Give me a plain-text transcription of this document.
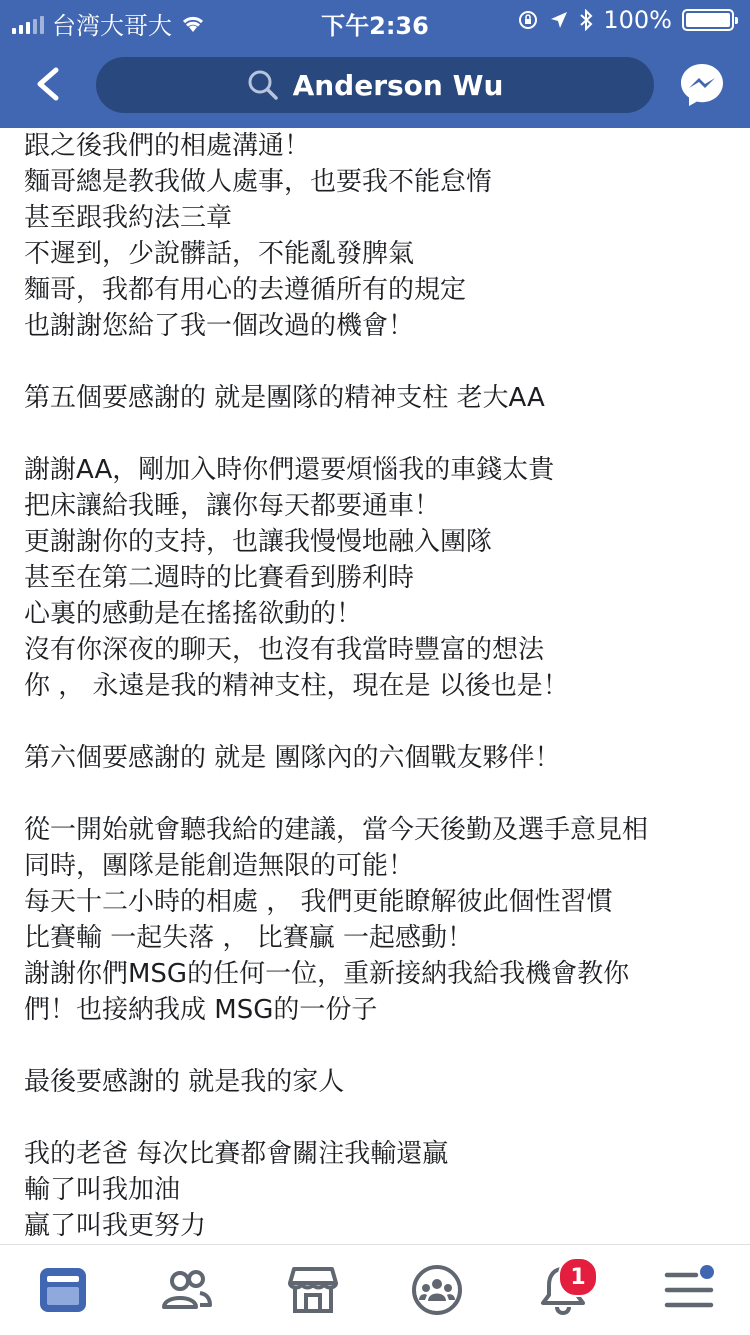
台湾大哥大	下午2:36	100%
Anderson Wu
跟之後我們的相處溝通！
麵哥總是教我做人處事，也要我不能怠惰
甚至跟我約法三章
不遲到，少說髒話，不能亂發脾氣
麵哥，我都有用心的去遵循所有的規定
也謝謝您給了我一個改過的機會！
第五個要感謝的 就是團隊的精神支柱 老大AA
謝謝AA，剛加入時你們還要煩惱我的車錢太貴
把床讓給我睡，讓你每天都要通車！
更謝謝你的支持，也讓我慢慢地融入團隊
甚至在第二週時的比賽看到勝利時
心裏的感動是在搖搖欲動的！
沒有你深夜的聊天，也沒有我當時豐富的想法
你 ， 永遠是我的精神支柱，現在是 以後也是！
第六個要感謝的 就是 團隊內的六個戰友夥伴！
從一開始就會聽我給的建議，當今天後勤及選手意見相
同時，團隊是能創造無限的可能！
每天十二小時的相處 ， 我們更能瞭解彼此個性習慣
比賽輸 一起失落 ， 比賽贏 一起感動！
謝謝你們MSG的任何一位，重新接納我給我機會教你
們！也接納我成 MSG的一份子
最後要感謝的 就是我的家人
我的老爸 每次比賽都會關注我輸還贏
輸了叫我加油
贏了叫我更努力
1
